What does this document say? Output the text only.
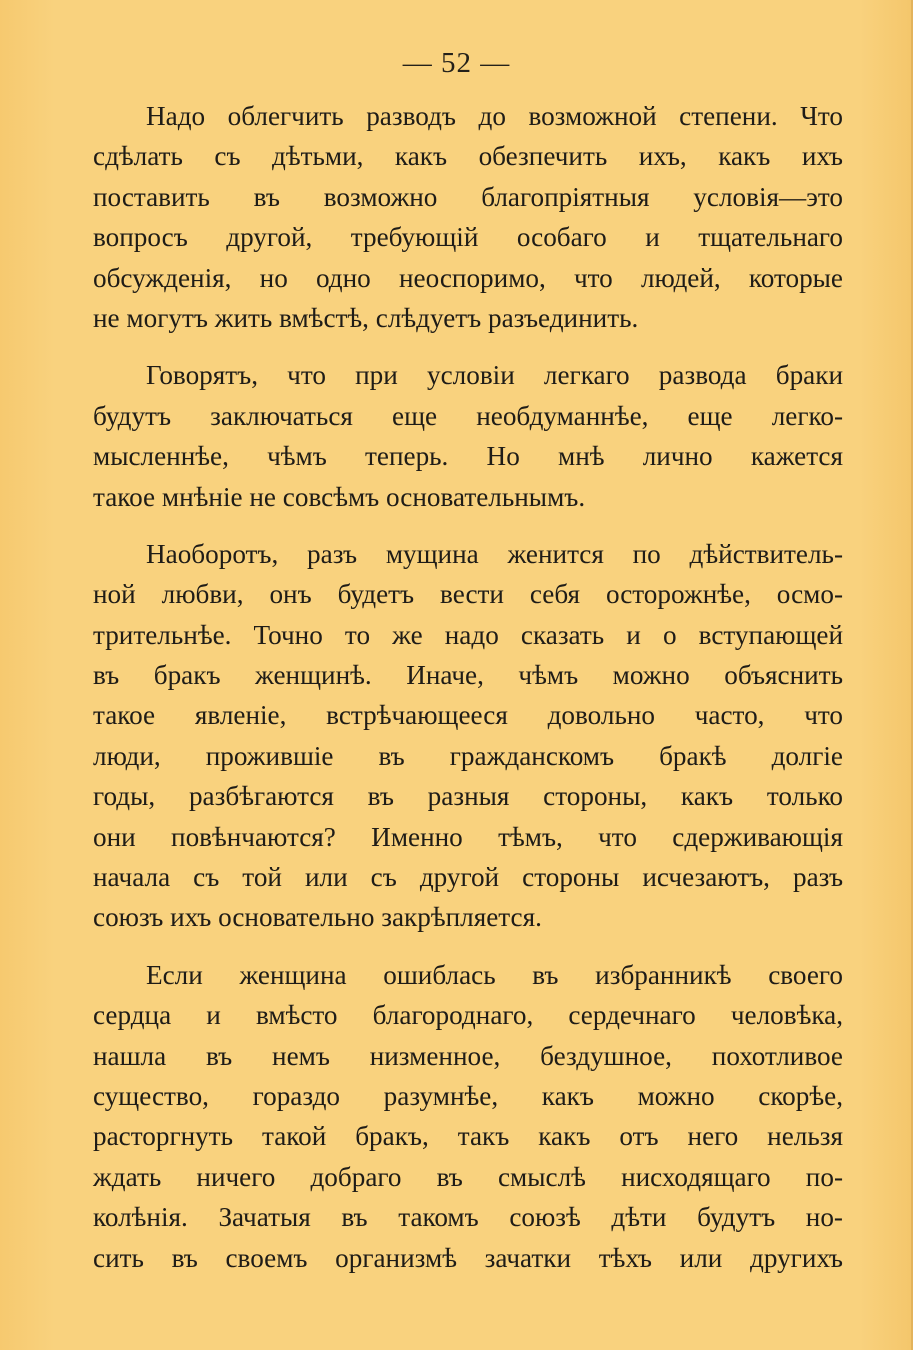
— 52 —

Надо облегчить разводъ до возможной степени. Что
сдѣлать съ дѣтьми, какъ обезпечить ихъ, какъ ихъ
поставить въ возможно благопріятныя условія—это
вопросъ другой, требующій особаго и тщательнаго
обсужденія, но одно неоспоримо, что людей, которые
не могутъ жить вмѣстѣ, слѣдуетъ разъединить.

Говорятъ, что при условіи легкаго развода браки
будутъ заключаться еще необдуманнѣе, еще легко-
мысленнѣе, чѣмъ теперь. Но мнѣ лично кажется
такое мнѣніе не совсѣмъ основательнымъ.

Наоборотъ, разъ мущина женится по дѣйствитель-
ной любви, онъ будетъ вести себя осторожнѣе, осмо-
трительнѣе. Точно то же надо сказать и о вступающей
въ бракъ женщинѣ. Иначе, чѣмъ можно объяснить
такое явленіе, встрѣчающееся довольно часто, что
люди, прожившіе въ гражданскомъ бракѣ долгіе
годы, разбѣгаются въ разныя стороны, какъ только
они повѣнчаются? Именно тѣмъ, что сдерживающія
начала съ той или съ другой стороны исчезаютъ, разъ
союзъ ихъ основательно закрѣпляется.

Если женщина ошиблась въ избранникѣ своего
сердца и вмѣсто благороднаго, сердечнаго человѣка,
нашла въ немъ низменное, бездушное, похотливое
существо, гораздо разумнѣе, какъ можно скорѣе,
расторгнуть такой бракъ, такъ какъ отъ него нельзя
ждать ничего добраго въ смыслѣ нисходящаго по-
колѣнія. Зачатыя въ такомъ союзѣ дѣти будутъ но-
сить въ своемъ организмѣ зачатки тѣхъ или другихъ
